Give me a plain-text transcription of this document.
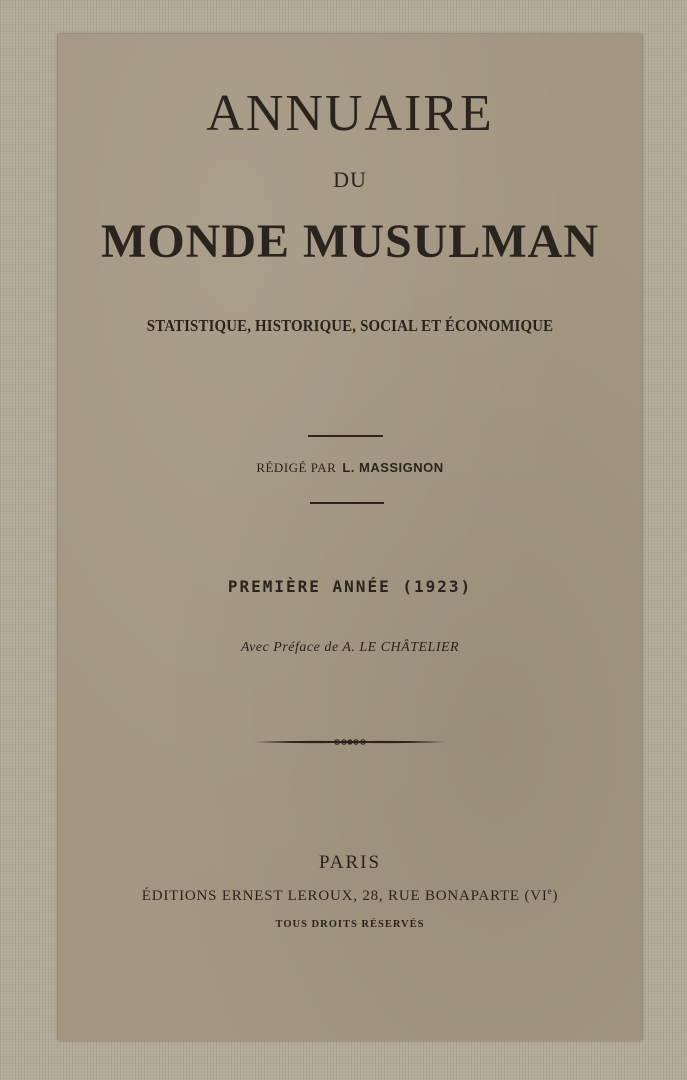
ANNUAIRE
DU
MONDE MUSULMAN
STATISTIQUE, HISTORIQUE, SOCIAL ET ÉCONOMIQUE
RÉDIGÉ PAR L. MASSIGNON
PREMIÈRE ANNÉE (1923)
Avec Préface de A. LE CHÂTELIER
PARIS
ÉDITIONS ERNEST LEROUX, 28, RUE BONAPARTE (VIe)
TOUS DROITS RÉSERVÉS
